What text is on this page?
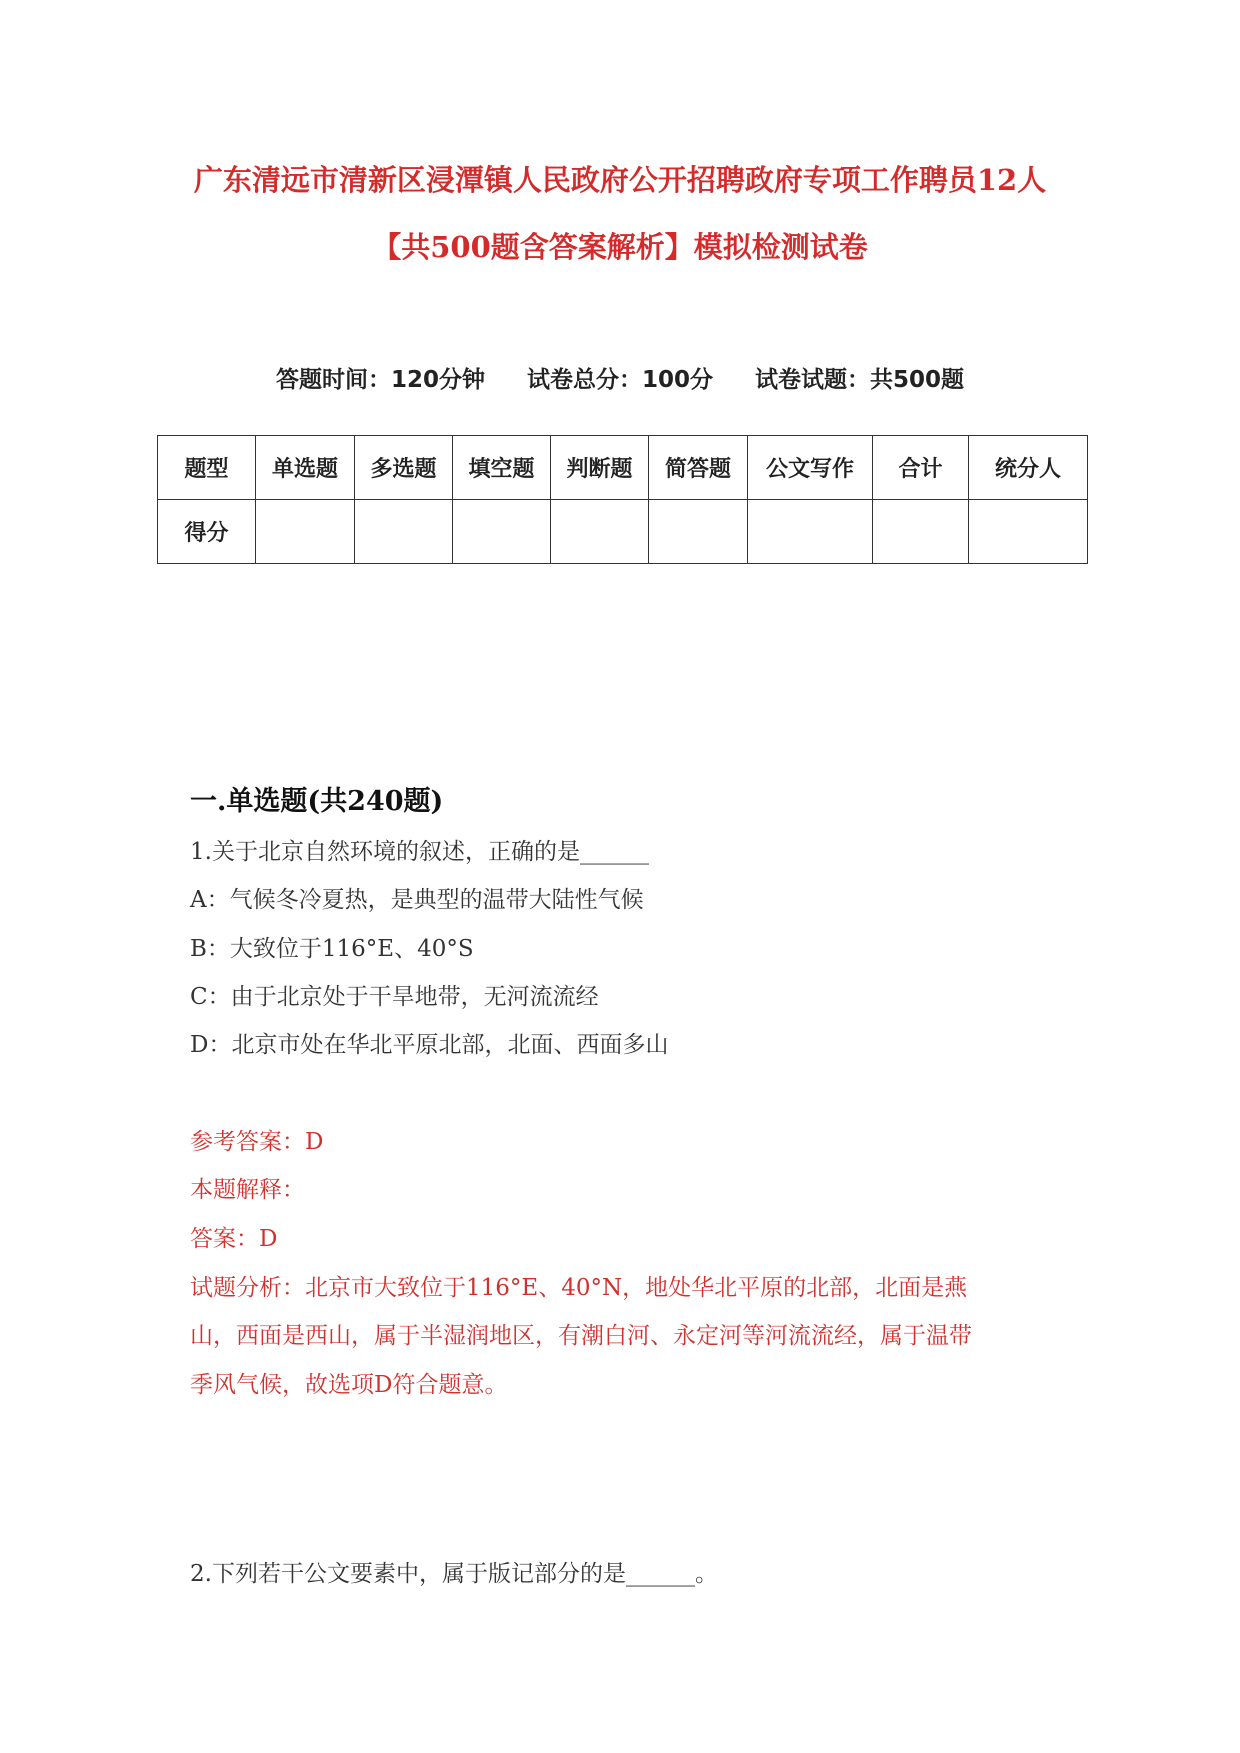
广东清远市清新区浸潭镇人民政府公开招聘政府专项工作聘员12人
【共500题含答案解析】模拟检测试卷
答题时间：120分钟 试卷总分：100分 试卷试题：共500题
题型	单选题	多选题	填空题	判断题	简答题	公文写作	合计	统分人
得分								
一.单选题(共240题)
1.关于北京自然环境的叙述，正确的是______
A：气候冬冷夏热，是典型的温带大陆性气候
B：大致位于116°E、40°S
C：由于北京处于干旱地带，无河流流经
D：北京市处在华北平原北部，北面、西面多山
参考答案：D
本题解释：
答案：D
试题分析：北京市大致位于116°E、40°N，地处华北平原的北部，北面是燕
山，西面是西山，属于半湿润地区，有潮白河、永定河等河流流经，属于温带
季风气候，故选项D符合题意。
2.下列若干公文要素中，属于版记部分的是______。
